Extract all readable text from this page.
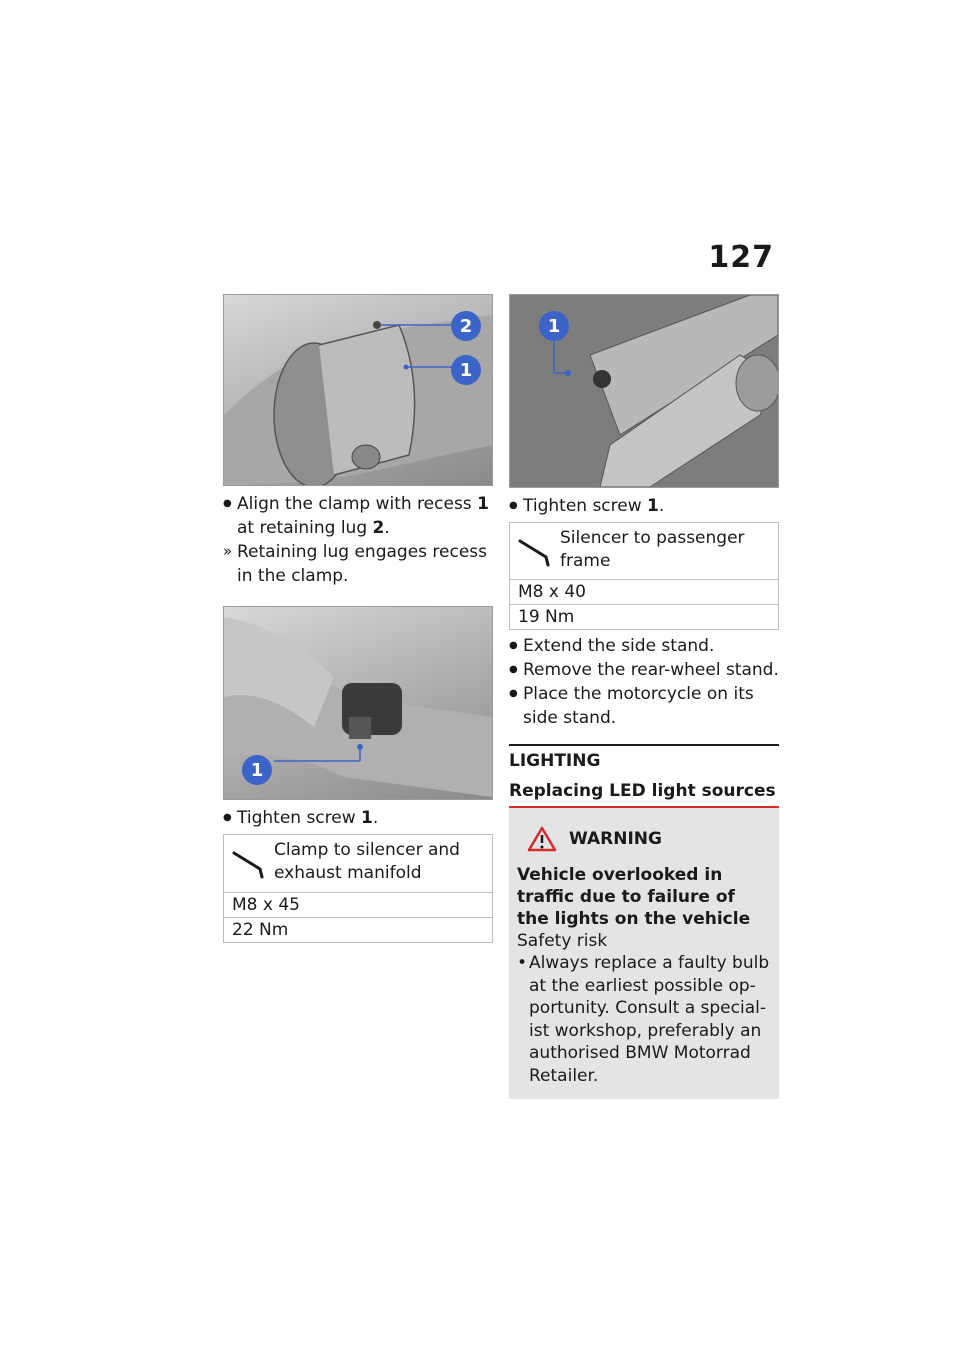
127
2
1
● Align the clamp with recess 1 at retaining lug 2.
» Retaining lug engages recess in the clamp.
1
● Tighten screw 1.
Clamp to silencer and exhaust manifold
M8 x 45
22 Nm
1
● Tighten screw 1.
Silencer to passenger frame
M8 x 40
19 Nm
● Extend the side stand.
● Remove the rear-wheel stand.
● Place the motorcycle on its side stand.
LIGHTING
Replacing LED light sources
WARNING
Vehicle overlooked in traffic due to failure of the lights on the vehicle
Safety risk
• Always replace a faulty bulb at the earliest possible op-portunity. Consult a special-ist workshop, preferably an authorised BMW Motorrad Retailer.
